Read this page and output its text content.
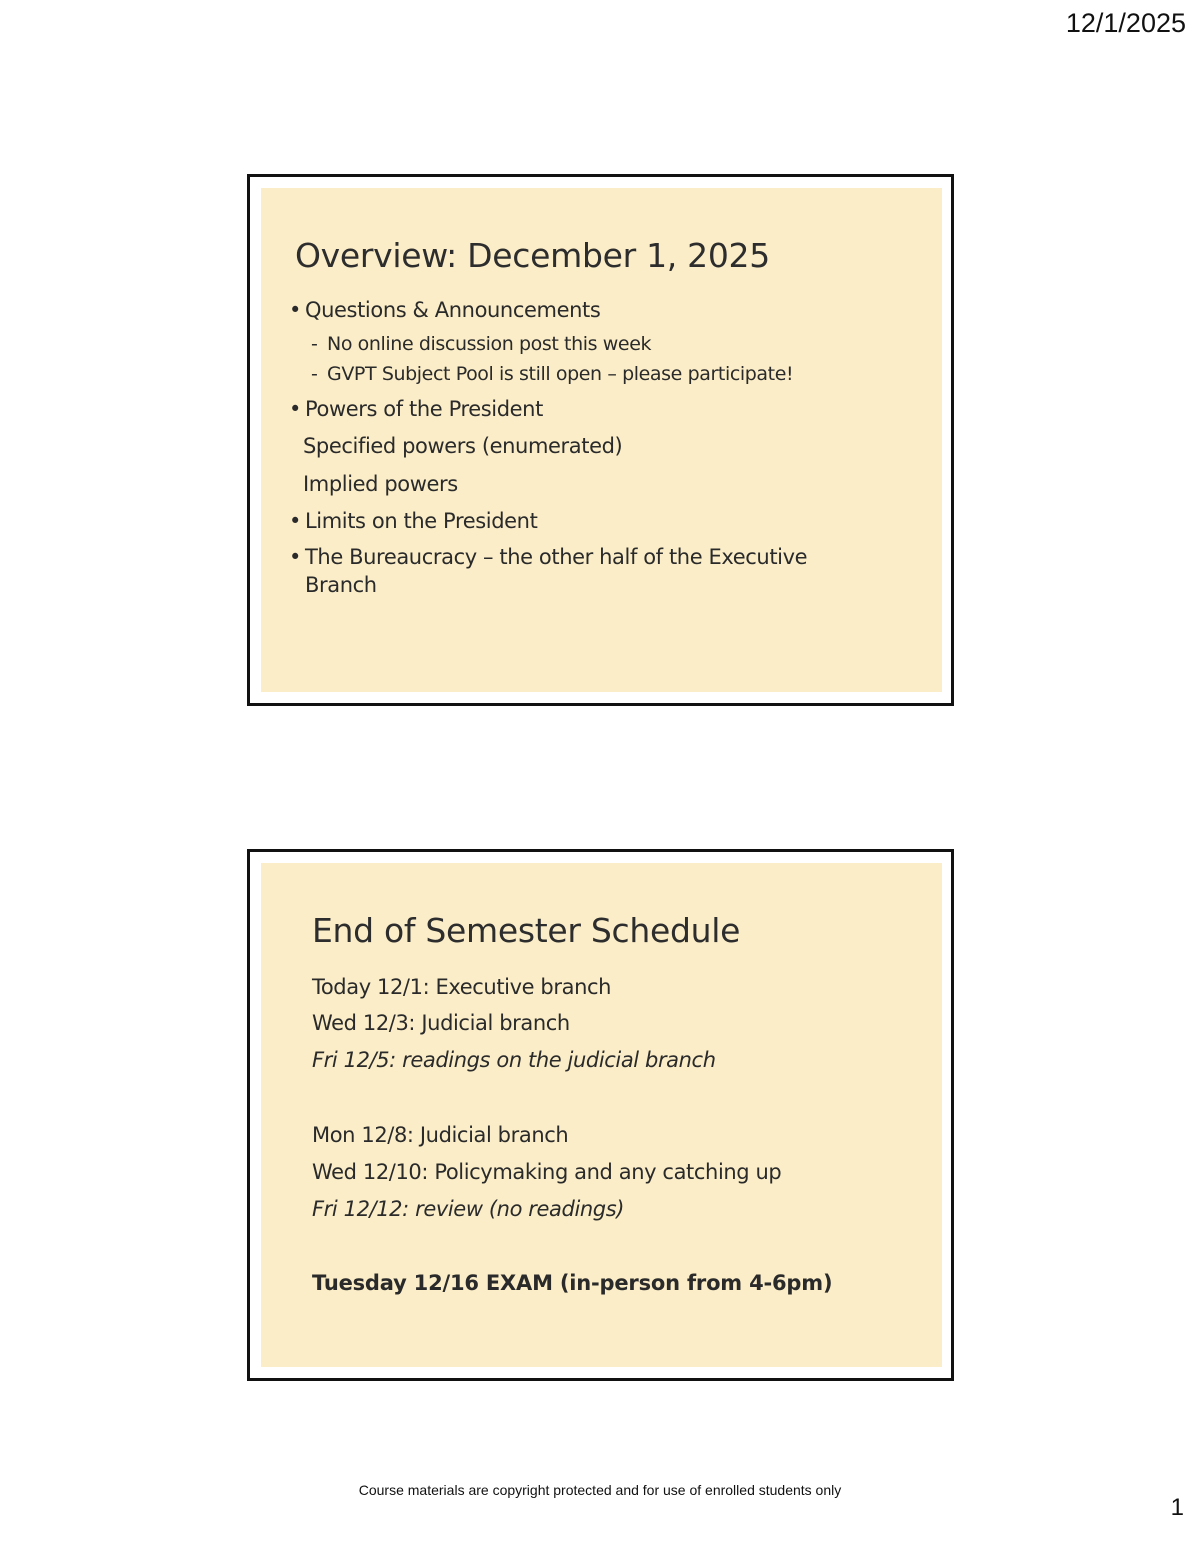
12/1/2025
Overview: December 1, 2025
• Questions & Announcements
- No online discussion post this week
- GVPT Subject Pool is still open – please participate!
• Powers of the President
Specified powers (enumerated)
Implied powers
• Limits on the President
• The Bureaucracy – the other half of the Executive
Branch
End of Semester Schedule
Today 12/1: Executive branch
Wed 12/3: Judicial branch
Fri 12/5: readings on the judicial branch
Mon 12/8: Judicial branch
Wed 12/10: Policymaking and any catching up
Fri 12/12: review (no readings)
Tuesday 12/16 EXAM (in-person from 4-6pm)
Course materials are copyright protected and for use of enrolled students only
1
